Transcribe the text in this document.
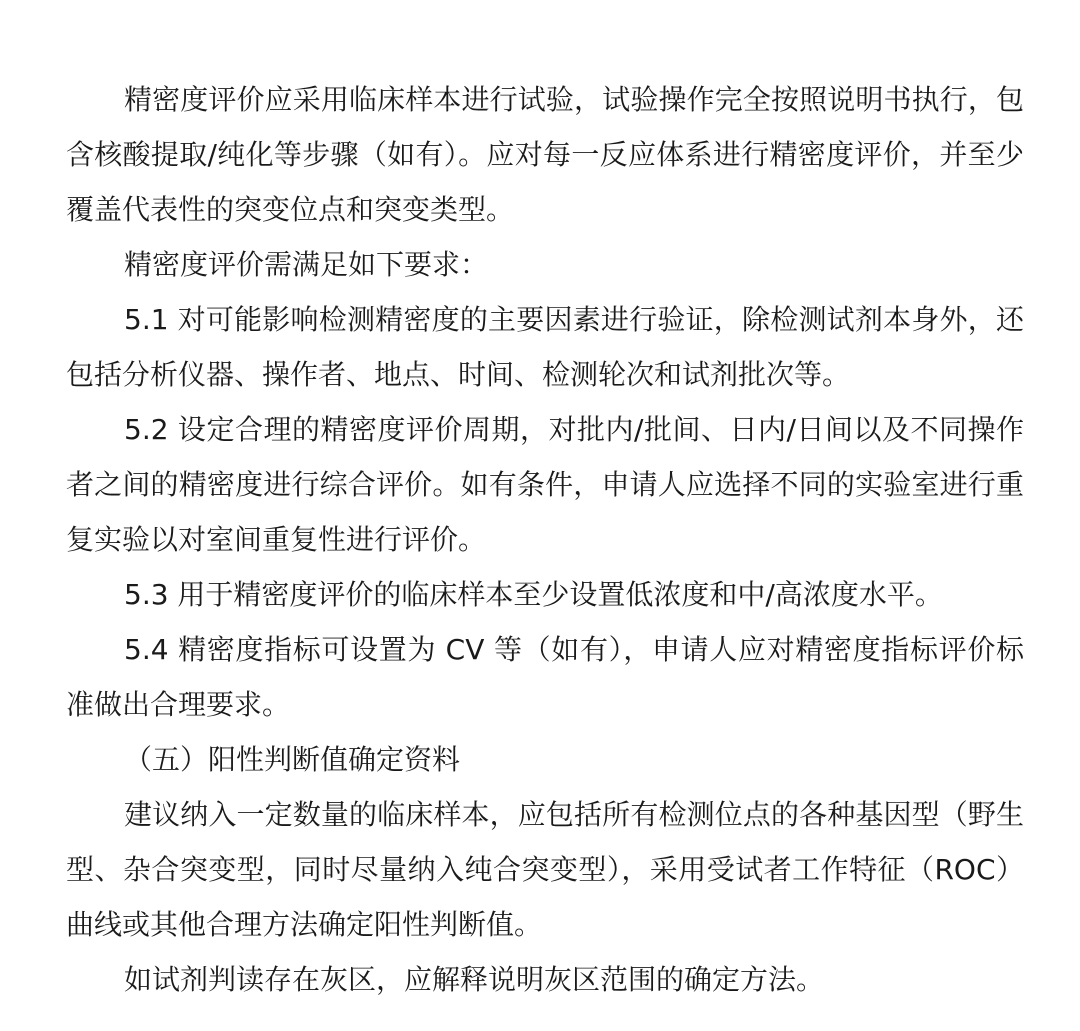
精密度评价应采用临床样本进行试验，试验操作完全按照说明书执行，包含核酸提取/纯化等步骤（如有）。应对每一反应体系进行精密度评价，并至少覆盖代表性的突变位点和突变类型。

精密度评价需满足如下要求：

5.1 对可能影响检测精密度的主要因素进行验证，除检测试剂本身外，还包括分析仪器、操作者、地点、时间、检测轮次和试剂批次等。

5.2 设定合理的精密度评价周期，对批内/批间、日内/日间以及不同操作者之间的精密度进行综合评价。如有条件，申请人应选择不同的实验室进行重复实验以对室间重复性进行评价。

5.3 用于精密度评价的临床样本至少设置低浓度和中/高浓度水平。

5.4 精密度指标可设置为 CV 等（如有），申请人应对精密度指标评价标准做出合理要求。

（五）阳性判断值确定资料

建议纳入一定数量的临床样本，应包括所有检测位点的各种基因型（野生型、杂合突变型，同时尽量纳入纯合突变型），采用受试者工作特征（ROC）曲线或其他合理方法确定阳性判断值。

如试剂判读存在灰区，应解释说明灰区范围的确定方法。
